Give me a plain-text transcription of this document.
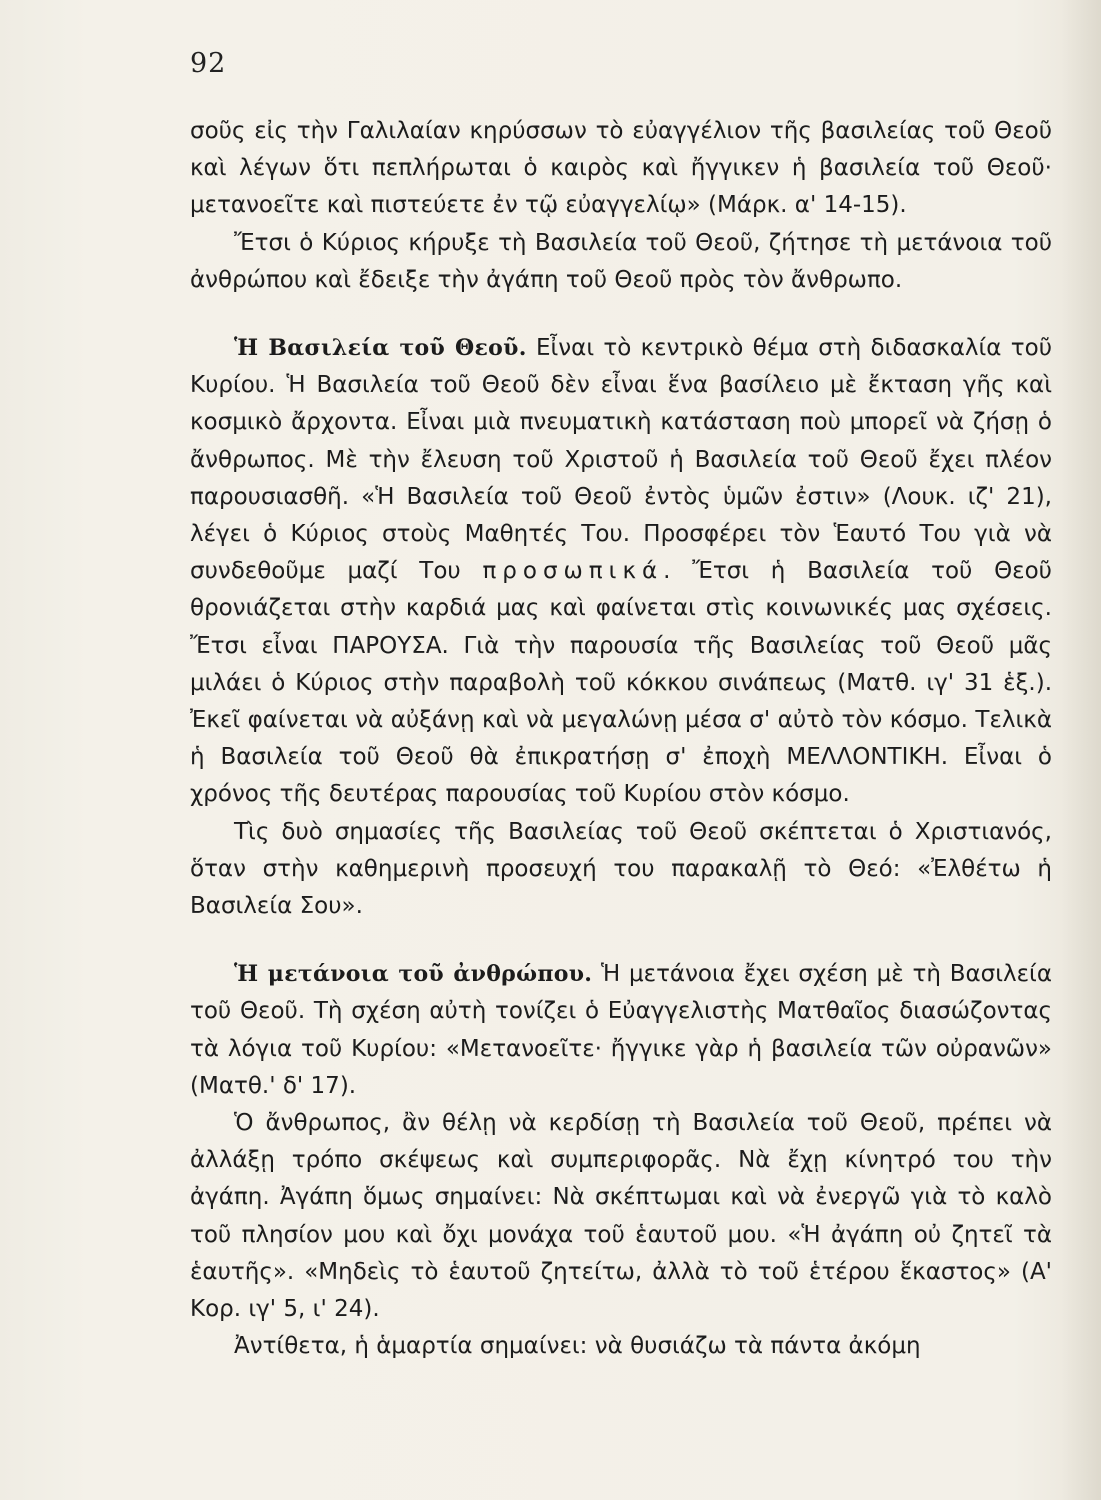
92

σοῦς εἰς τὴν Γαλιλαίαν κηρύσσων τὸ εὐαγγέλιον τῆς βασιλείας τοῦ Θεοῦ καὶ λέγων ὅτι πεπλήρωται ὁ καιρὸς καὶ ἤγγικεν ἡ βασιλεία τοῦ Θεοῦ· μετανοεῖτε καὶ πιστεύετε ἐν τῷ εὐαγγελίῳ» (Μάρκ. α' 14-15).

Ἔτσι ὁ Κύριος κήρυξε τὴ Βασιλεία τοῦ Θεοῦ, ζήτησε τὴ μετάνοια τοῦ ἀνθρώπου καὶ ἔδειξε τὴν ἀγάπη τοῦ Θεοῦ πρὸς τὸν ἄνθρωπο.

Ἡ Βασιλεία τοῦ Θεοῦ. Εἶναι τὸ κεντρικὸ θέμα στὴ διδασκαλία τοῦ Κυρίου. Ἡ Βασιλεία τοῦ Θεοῦ δὲν εἶναι ἕνα βασίλειο μὲ ἔκταση γῆς καὶ κοσμικὸ ἄρχοντα. Εἶναι μιὰ πνευματικὴ κατάσταση ποὺ μπορεῖ νὰ ζήσῃ ὁ ἄνθρωπος. Μὲ τὴν ἔλευση τοῦ Χριστοῦ ἡ Βασιλεία τοῦ Θεοῦ ἔχει πλέον παρουσιασθῆ. «Ἡ Βασιλεία τοῦ Θεοῦ ἐντὸς ὑμῶν ἐστιν» (Λουκ. ιζ' 21), λέγει ὁ Κύριος στοὺς Μαθητές Του. Προσφέρει τὸν Ἑαυτό Του γιὰ νὰ συνδεθοῦμε μαζί Του προσωπικά. Ἔτσι ἡ Βασιλεία τοῦ Θεοῦ θρονιάζεται στὴν καρδιά μας καὶ φαίνεται στὶς κοινωνικές μας σχέσεις. Ἔτσι εἶναι ΠΑΡΟΥΣΑ. Γιὰ τὴν παρουσία τῆς Βασιλείας τοῦ Θεοῦ μᾶς μιλάει ὁ Κύριος στὴν παραβολὴ τοῦ κόκκου σινάπεως (Ματθ. ιγ' 31 ἑξ.). Ἐκεῖ φαίνεται νὰ αὐξάνῃ καὶ νὰ μεγαλώνῃ μέσα σ' αὐτὸ τὸν κόσμο. Τελικὰ ἡ Βασιλεία τοῦ Θεοῦ θὰ ἐπικρατήσῃ σ' ἐποχὴ ΜΕΛΛΟΝΤΙΚΗ. Εἶναι ὁ χρόνος τῆς δευτέρας παρουσίας τοῦ Κυρίου στὸν κόσμο.

Τὶς δυὸ σημασίες τῆς Βασιλείας τοῦ Θεοῦ σκέπτεται ὁ Χριστιανός, ὅταν στὴν καθημερινὴ προσευχή του παρακαλῇ τὸ Θεό: «Ἐλθέτω ἡ Βασιλεία Σου».

Ἡ μετάνοια τοῦ ἀνθρώπου. Ἡ μετάνοια ἔχει σχέση μὲ τὴ Βασιλεία τοῦ Θεοῦ. Τὴ σχέση αὐτὴ τονίζει ὁ Εὐαγγελιστὴς Ματθαῖος διασώζοντας τὰ λόγια τοῦ Κυρίου: «Μετανοεῖτε· ἤγγικε γὰρ ἡ βασιλεία τῶν οὐρανῶν» (Ματθ.' δ' 17).

Ὁ ἄνθρωπος, ἂν θέλῃ νὰ κερδίσῃ τὴ Βασιλεία τοῦ Θεοῦ, πρέπει νὰ ἀλλάξῃ τρόπο σκέψεως καὶ συμπεριφορᾶς. Νὰ ἔχῃ κίνητρό του τὴν ἀγάπη. Ἀγάπη ὅμως σημαίνει: Νὰ σκέπτωμαι καὶ νὰ ἐνεργῶ γιὰ τὸ καλὸ τοῦ πλησίον μου καὶ ὄχι μονάχα τοῦ ἑαυτοῦ μου. «Ἡ ἀγάπη οὐ ζητεῖ τὰ ἑαυτῆς». «Μηδεὶς τὸ ἑαυτοῦ ζητείτω, ἀλλὰ τὸ τοῦ ἑτέρου ἕκαστος» (Α' Κορ. ιγ' 5, ι' 24).

Ἀντίθετα, ἡ ἁμαρτία σημαίνει: νὰ θυσιάζω τὰ πάντα ἀκόμη
